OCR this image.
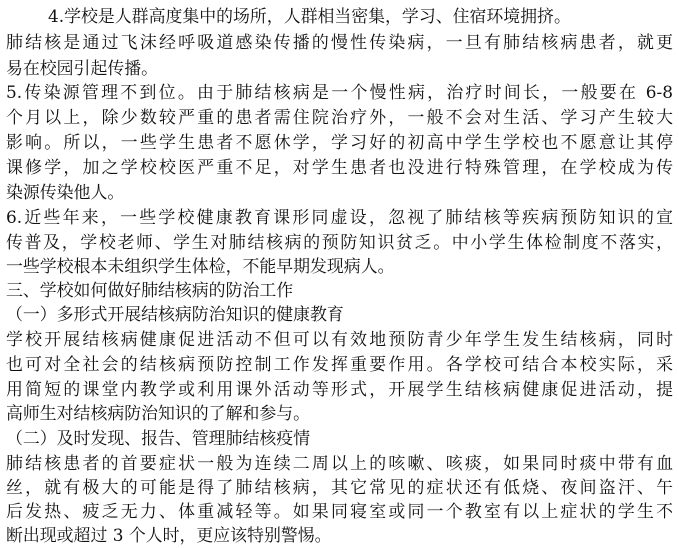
4.学校是人群高度集中的场所，人群相当密集，学习、住宿环境拥挤。
肺结核是通过飞沫经呼吸道感染传播的慢性传染病，一旦有肺结核病患者，就更
易在校园引起传播。
5.传染源管理不到位。由于肺结核病是一个慢性病，治疗时间长，一般要在 6-8
个月以上，除少数较严重的患者需住院治疗外，一般不会对生活、学习产生较大
影响。所以，一些学生患者不愿休学，学习好的初高中学生学校也不愿意让其停
课修学，加之学校校医严重不足，对学生患者也没进行特殊管理，在学校成为传
染源传染他人。
6.近些年来，一些学校健康教育课形同虚设，忽视了肺结核等疾病预防知识的宣
传普及，学校老师、学生对肺结核病的预防知识贫乏。中小学生体检制度不落实，
一些学校根本未组织学生体检，不能早期发现病人。
三、学校如何做好肺结核病的防治工作
（一）多形式开展结核病防治知识的健康教育
学校开展结核病健康促进活动不但可以有效地预防青少年学生发生结核病，同时
也可对全社会的结核病预防控制工作发挥重要作用。各学校可结合本校实际，采
用简短的课堂内教学或利用课外活动等形式，开展学生结核病健康促进活动，提
高师生对结核病防治知识的了解和参与。
（二）及时发现、报告、管理肺结核疫情
肺结核患者的首要症状一般为连续二周以上的咳嗽、咳痰，如果同时痰中带有血
丝，就有极大的可能是得了肺结核病，其它常见的症状还有低烧、夜间盗汗、午
后发热、疲乏无力、体重减轻等。如果同寝室或同一个教室有以上症状的学生不
断出现或超过 3 个人时，更应该特别警惕。
